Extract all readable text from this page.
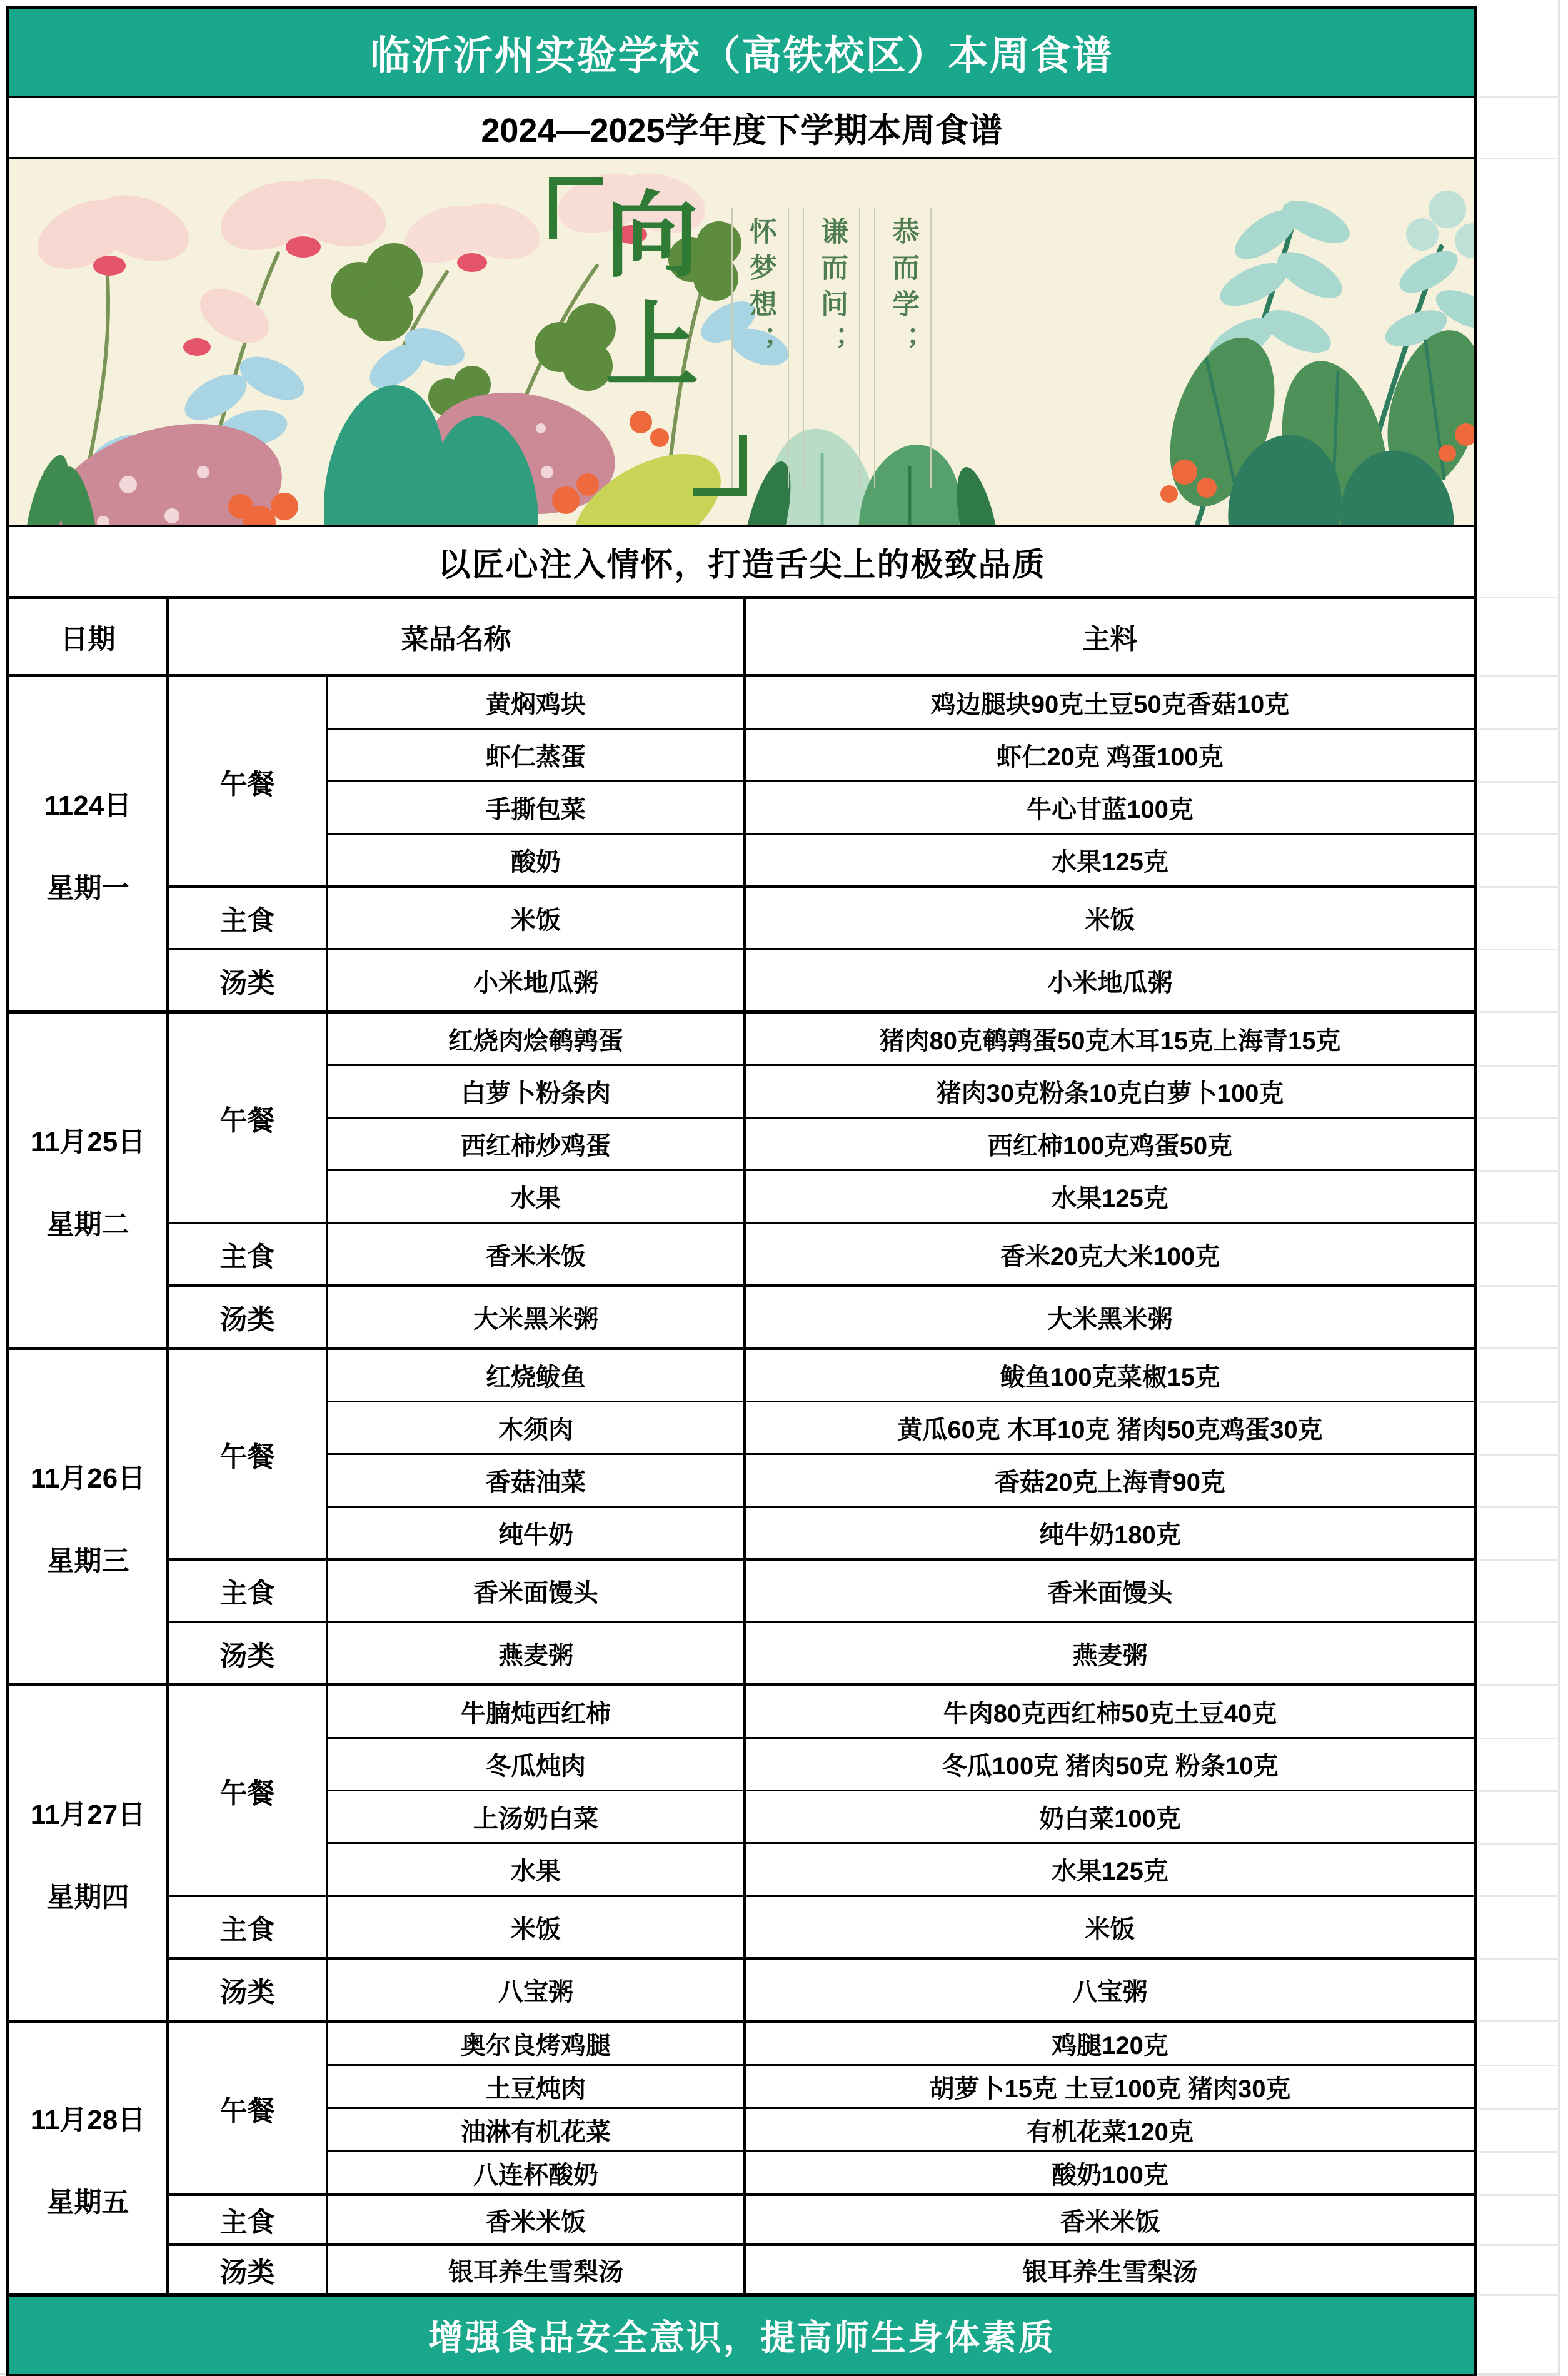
临沂沂州实验学校（高铁校区）本周食谱
2024—2025学年度下学期本周食谱
向上	恭而学； 谦而问； 怀梦想；
以匠心注入情怀，打造舌尖上的极致品质
日期	菜品名称	主料
1124日
星期一
午餐
黄焖鸡块	鸡边腿块90克土豆50克香菇10克
虾仁蒸蛋	虾仁20克 鸡蛋100克
手撕包菜	牛心甘蓝100克
酸奶	水果125克
主食	米饭	米饭
汤类	小米地瓜粥	小米地瓜粥
11月25日
星期二
午餐
红烧肉烩鹌鹑蛋	猪肉80克鹌鹑蛋50克木耳15克上海青15克
白萝卜粉条肉	猪肉30克粉条10克白萝卜100克
西红柿炒鸡蛋	西红柿100克鸡蛋50克
水果	水果125克
主食	香米米饭	香米20克大米100克
汤类	大米黑米粥	大米黑米粥
11月26日
星期三
午餐
红烧鲅鱼	鲅鱼100克菜椒15克
木须肉	黄瓜60克 木耳10克 猪肉50克鸡蛋30克
香菇油菜	香菇20克上海青90克
纯牛奶	纯牛奶180克
主食	香米面馒头	香米面馒头
汤类	燕麦粥	燕麦粥
11月27日
星期四
午餐
牛腩炖西红柿	牛肉80克西红柿50克土豆40克
冬瓜炖肉	冬瓜100克 猪肉50克 粉条10克
上汤奶白菜	奶白菜100克
水果	水果125克
主食	米饭	米饭
汤类	八宝粥	八宝粥
11月28日
星期五
午餐
奥尔良烤鸡腿	鸡腿120克
土豆炖肉	胡萝卜15克 土豆100克 猪肉30克
油淋有机花菜	有机花菜120克
八连杯酸奶	酸奶100克
主食	香米米饭	香米米饭
汤类	银耳养生雪梨汤	银耳养生雪梨汤
增强食品安全意识，提高师生身体素质
